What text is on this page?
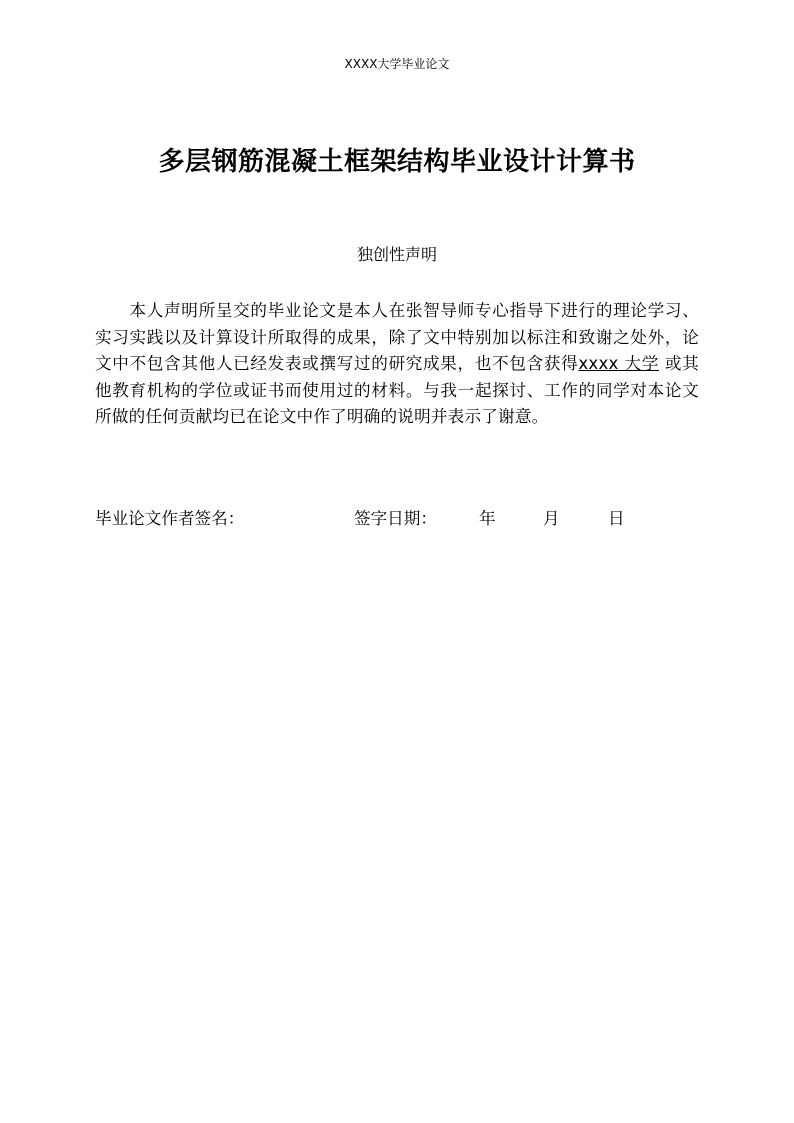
XXXX大学毕业论文
多层钢筋混凝土框架结构毕业设计计算书
独创性声明
本人声明所呈交的毕业论文是本人在张智导师专心指导下进行的理论学习、实习实践以及计算设计所取得的成果，除了文中特别加以标注和致谢之处外，论文中不包含其他人已经发表或撰写过的研究成果，也不包含获得xxxx 大学 或其他教育机构的学位或证书而使用过的材料。与我一起探讨、工作的同学对本论文所做的任何贡献均已在论文中作了明确的说明并表示了谢意。
毕业论文作者签名：	签字日期：	年	月	日
